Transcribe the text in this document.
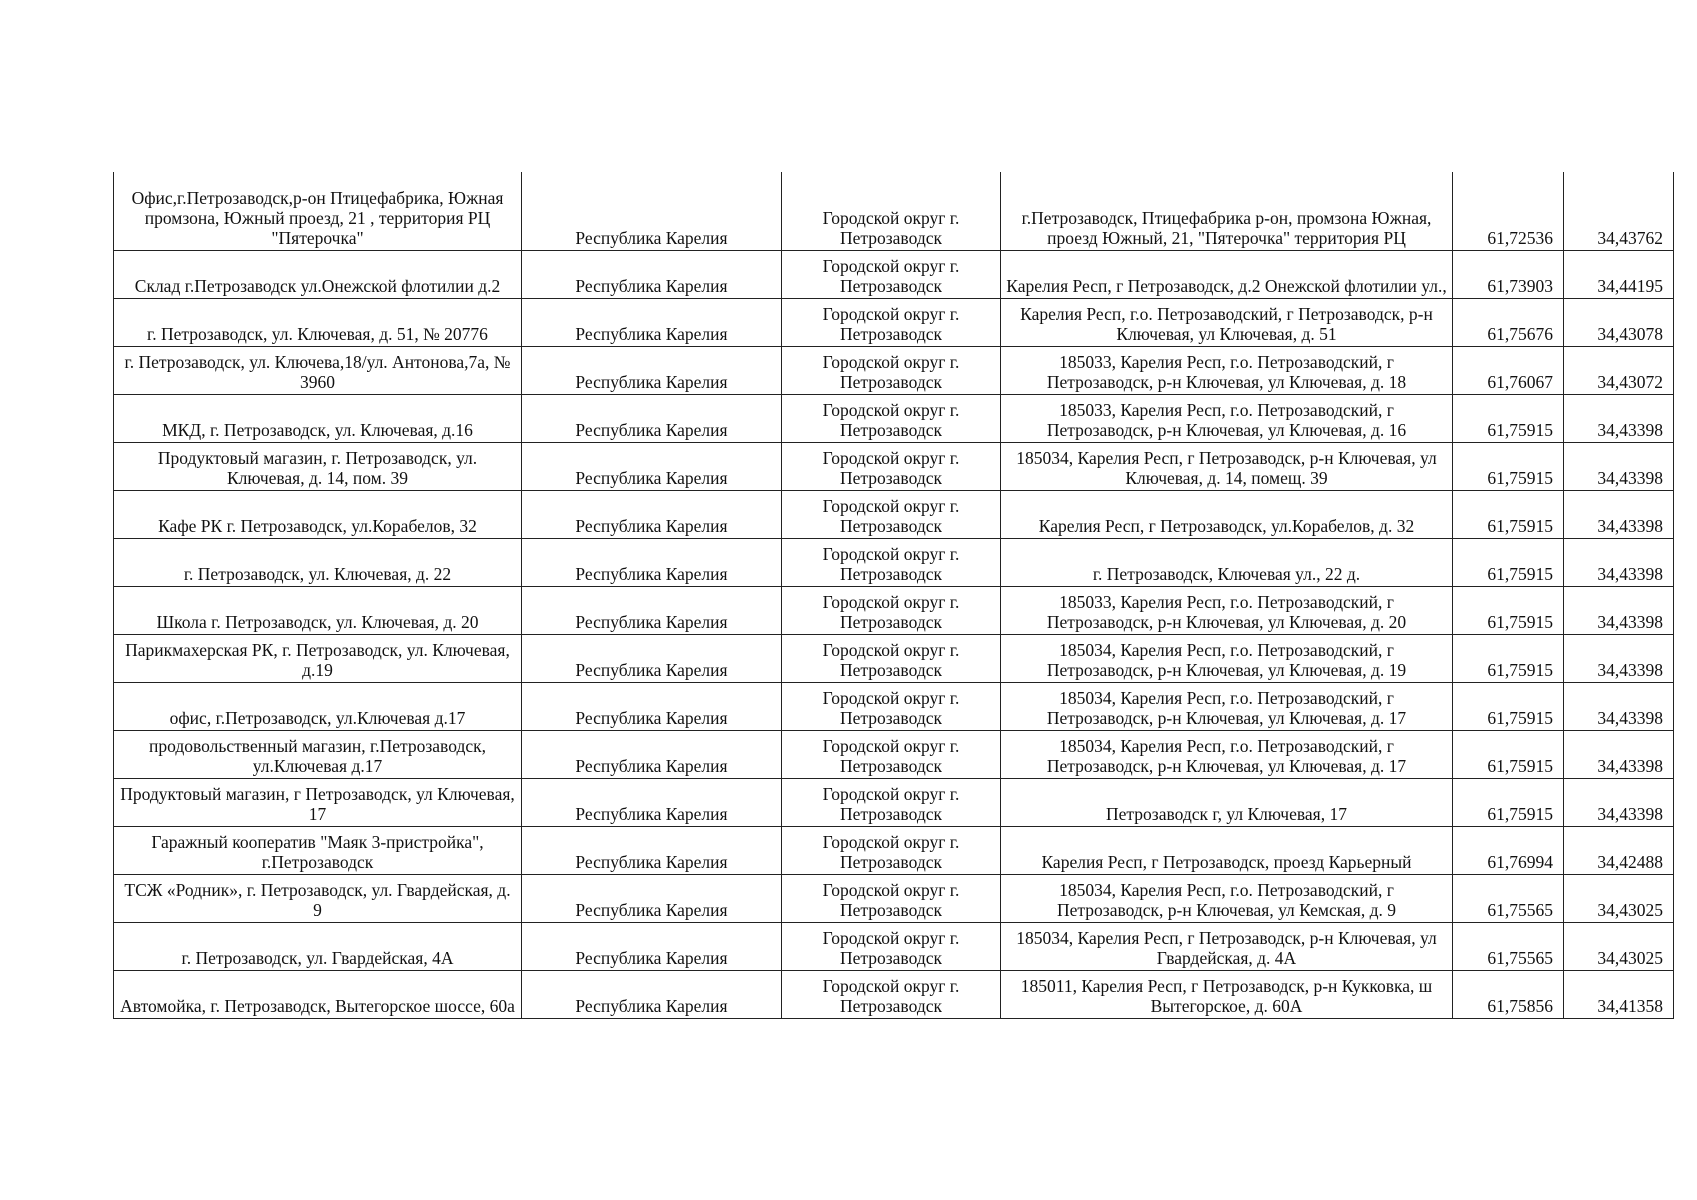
Офис,г.Петрозаводск,р-он Птицефабрика, Южная промзона, Южный проезд, 21 , территория РЦ "Пятерочка"	Республика Карелия	Городской округ г. Петрозаводск	г.Петрозаводск, Птицефабрика р-он, промзона Южная, проезд Южный, 21, "Пятерочка" территория РЦ	61,72536	34,43762
Склад г.Петрозаводск ул.Онежской флотилии д.2	Республика Карелия	Городской округ г. Петрозаводск	Карелия Респ, г Петрозаводск, д.2 Онежской флотилии ул.,	61,73903	34,44195
г. Петрозаводск, ул. Ключевая, д. 51, № 20776	Республика Карелия	Городской округ г. Петрозаводск	Карелия Респ, г.о. Петрозаводский, г Петрозаводск, р-н Ключевая, ул Ключевая, д. 51	61,75676	34,43078
г. Петрозаводск, ул. Ключева,18/ул. Антонова,7а, № 3960	Республика Карелия	Городской округ г. Петрозаводск	185033, Карелия Респ, г.о. Петрозаводский, г Петрозаводск, р-н Ключевая, ул Ключевая, д. 18	61,76067	34,43072
МКД, г. Петрозаводск, ул. Ключевая, д.16	Республика Карелия	Городской округ г. Петрозаводск	185033, Карелия Респ, г.о. Петрозаводский, г Петрозаводск, р-н Ключевая, ул Ключевая, д. 16	61,75915	34,43398
Продуктовый магазин, г. Петрозаводск, ул. Ключевая, д. 14, пом. 39	Республика Карелия	Городской округ г. Петрозаводск	185034, Карелия Респ, г Петрозаводск, р-н Ключевая, ул Ключевая, д. 14, помещ. 39	61,75915	34,43398
Кафе РК г. Петрозаводск, ул.Корабелов, 32	Республика Карелия	Городской округ г. Петрозаводск	Карелия Респ, г Петрозаводск, ул.Корабелов, д. 32	61,75915	34,43398
г. Петрозаводск, ул. Ключевая, д. 22	Республика Карелия	Городской округ г. Петрозаводск	г. Петрозаводск, Ключевая ул., 22 д.	61,75915	34,43398
Школа г. Петрозаводск, ул. Ключевая, д. 20	Республика Карелия	Городской округ г. Петрозаводск	185033, Карелия Респ, г.о. Петрозаводский, г Петрозаводск, р-н Ключевая, ул Ключевая, д. 20	61,75915	34,43398
Парикмахерская РК, г. Петрозаводск, ул. Ключевая, д.19	Республика Карелия	Городской округ г. Петрозаводск	185034, Карелия Респ, г.о. Петрозаводский, г Петрозаводск, р-н Ключевая, ул Ключевая, д. 19	61,75915	34,43398
офис, г.Петрозаводск, ул.Ключевая д.17	Республика Карелия	Городской округ г. Петрозаводск	185034, Карелия Респ, г.о. Петрозаводский, г Петрозаводск, р-н Ключевая, ул Ключевая, д. 17	61,75915	34,43398
продовольственный магазин, г.Петрозаводск, ул.Ключевая д.17	Республика Карелия	Городской округ г. Петрозаводск	185034, Карелия Респ, г.о. Петрозаводский, г Петрозаводск, р-н Ключевая, ул Ключевая, д. 17	61,75915	34,43398
Продуктовый магазин, г Петрозаводск, ул Ключевая, 17	Республика Карелия	Городской округ г. Петрозаводск	Петрозаводск г, ул Ключевая, 17	61,75915	34,43398
Гаражный кооператив "Маяк 3-пристройка", г.Петрозаводск	Республика Карелия	Городской округ г. Петрозаводск	Карелия Респ, г Петрозаводск, проезд Карьерный	61,76994	34,42488
ТСЖ «Родник», г. Петрозаводск, ул. Гвардейская, д. 9	Республика Карелия	Городской округ г. Петрозаводск	185034, Карелия Респ, г.о. Петрозаводский, г Петрозаводск, р-н Ключевая, ул Кемская, д. 9	61,75565	34,43025
г. Петрозаводск, ул. Гвардейская, 4А	Республика Карелия	Городской округ г. Петрозаводск	185034, Карелия Респ, г Петрозаводск, р-н Ключевая, ул Гвардейская, д. 4А	61,75565	34,43025
Автомойка, г. Петрозаводск, Вытегорское шоссе, 60а	Республика Карелия	Городской округ г. Петрозаводск	185011, Карелия Респ, г Петрозаводск, р-н Кукковка, ш Вытегорское, д. 60А	61,75856	34,41358
